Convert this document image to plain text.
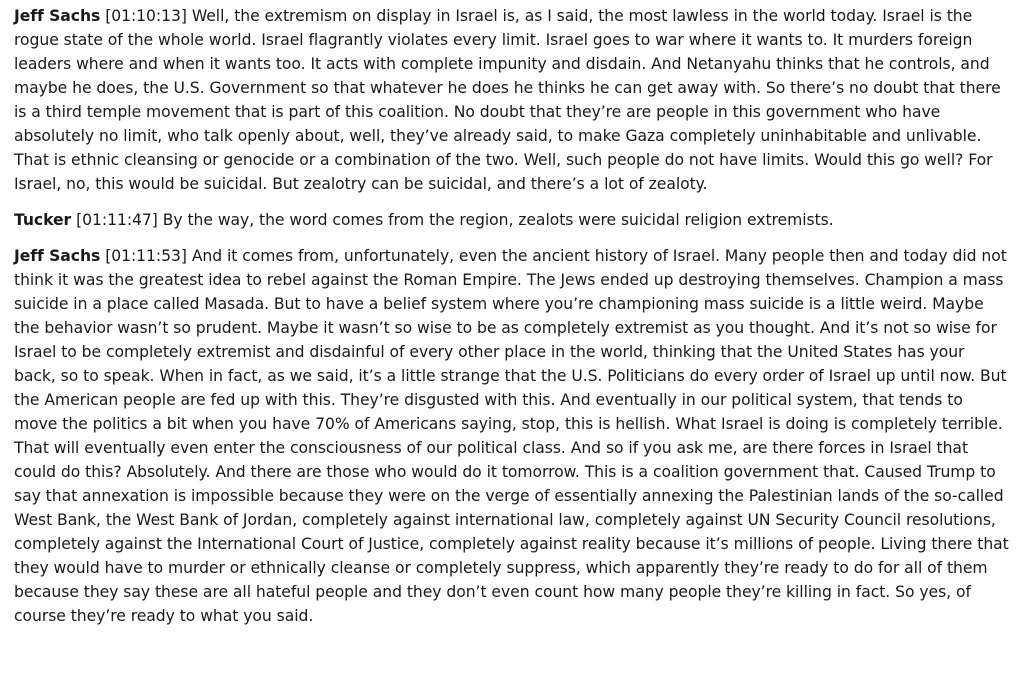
Jeff Sachs [01:10:13] Well, the extremism on display in Israel is, as I said, the most lawless in the world today. Israel is the rogue state of the whole world. Israel flagrantly violates every limit. Israel goes to war where it wants to. It murders foreign leaders where and when it wants too. It acts with complete impunity and disdain. And Netanyahu thinks that he controls, and maybe he does, the U.S. Government so that whatever he does he thinks he can get away with. So there’s no doubt that there is a third temple movement that is part of this coalition. No doubt that they’re are people in this government who have absolutely no limit, who talk openly about, well, they’ve already said, to make Gaza completely uninhabitable and unlivable. That is ethnic cleansing or genocide or a combination of the two. Well, such people do not have limits. Would this go well? For Israel, no, this would be suicidal. But zealotry can be suicidal, and there’s a lot of zealoty.

Tucker [01:11:47] By the way, the word comes from the region, zealots were suicidal religion extremists.

Jeff Sachs [01:11:53] And it comes from, unfortunately, even the ancient history of Israel. Many people then and today did not think it was the greatest idea to rebel against the Roman Empire. The Jews ended up destroying themselves. Champion a mass suicide in a place called Masada. But to have a belief system where you’re championing mass suicide is a little weird. Maybe the behavior wasn’t so prudent. Maybe it wasn’t so wise to be as completely extremist as you thought. And it’s not so wise for Israel to be completely extremist and disdainful of every other place in the world, thinking that the United States has your back, so to speak. When in fact, as we said, it’s a little strange that the U.S. Politicians do every order of Israel up until now. But the American people are fed up with this. They’re disgusted with this. And eventually in our political system, that tends to move the politics a bit when you have 70% of Americans saying, stop, this is hellish. What Israel is doing is completely terrible. That will eventually even enter the consciousness of our political class. And so if you ask me, are there forces in Israel that could do this? Absolutely. And there are those who would do it tomorrow. This is a coalition government that. Caused Trump to say that annexation is impossible because they were on the verge of essentially annexing the Palestinian lands of the so-called West Bank, the West Bank of Jordan, completely against international law, completely against UN Security Council resolutions, completely against the International Court of Justice, completely against reality because it’s millions of people. Living there that they would have to murder or ethnically cleanse or completely suppress, which apparently they’re ready to do for all of them because they say these are all hateful people and they don’t even count how many people they’re killing in fact. So yes, of course they’re ready to what you said.
